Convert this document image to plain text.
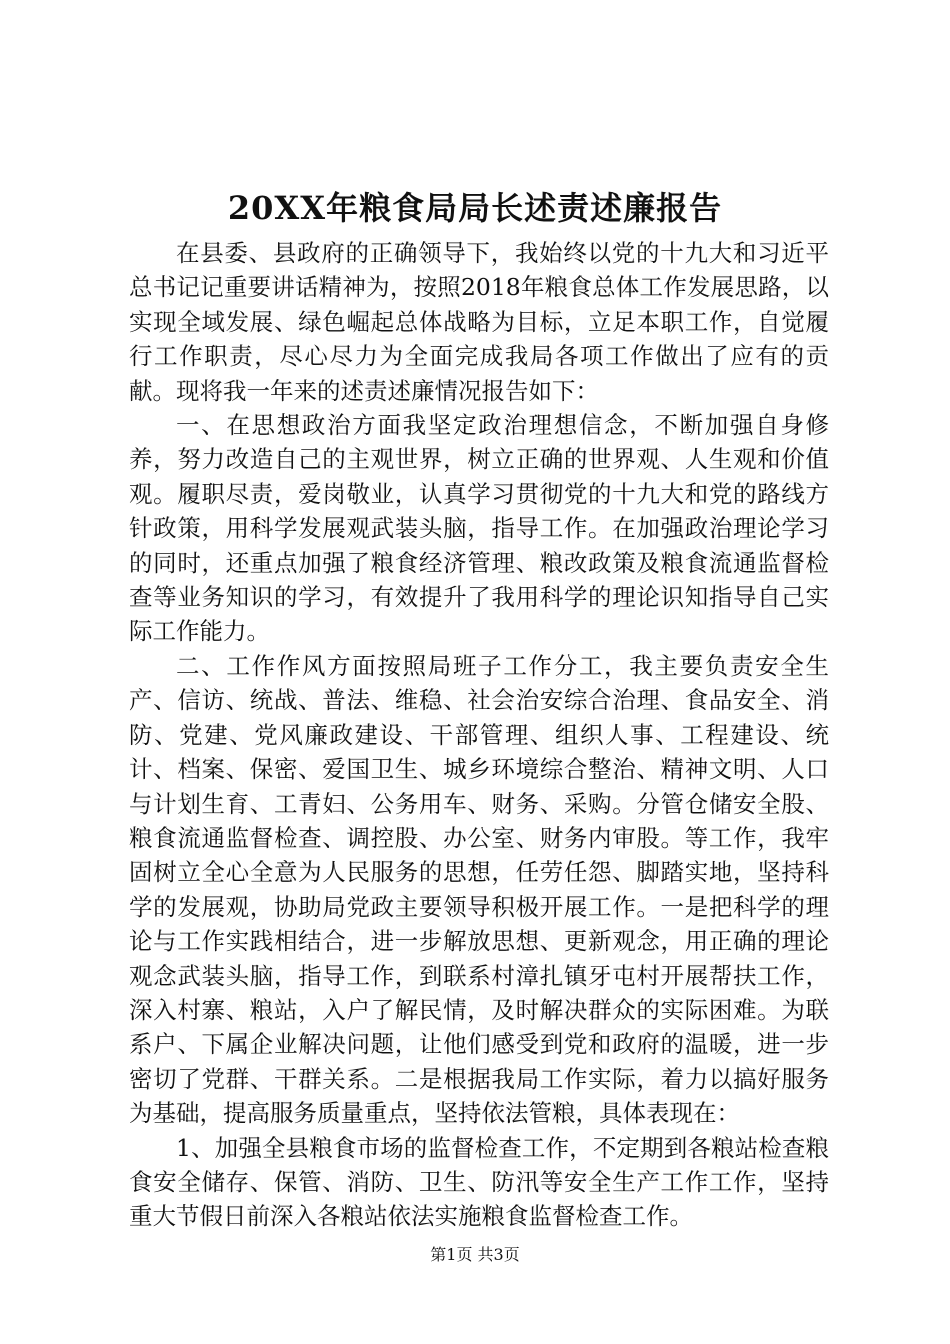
20XX年粮食局局长述责述廉报告

在县委、县政府的正确领导下，我始终以党的十九大和习近平总书记记重要讲话精神为，按照2018年粮食总体工作发展思路，以实现全域发展、绿色崛起总体战略为目标，立足本职工作，自觉履行工作职责，尽心尽力为全面完成我局各项工作做出了应有的贡献。现将我一年来的述责述廉情况报告如下：

一、在思想政治方面我坚定政治理想信念，不断加强自身修养，努力改造自己的主观世界，树立正确的世界观、人生观和价值观。履职尽责，爱岗敬业，认真学习贯彻党的十九大和党的路线方针政策，用科学发展观武装头脑，指导工作。在加强政治理论学习的同时，还重点加强了粮食经济管理、粮改政策及粮食流通监督检查等业务知识的学习，有效提升了我用科学的理论识知指导自己实际工作能力。

二、工作作风方面按照局班子工作分工，我主要负责安全生产、信访、统战、普法、维稳、社会治安综合治理、食品安全、消防、党建、党风廉政建设、干部管理、组织人事、工程建设、统计、档案、保密、爱国卫生、城乡环境综合整治、精神文明、人口与计划生育、工青妇、公务用车、财务、采购。分管仓储安全股、粮食流通监督检查、调控股、办公室、财务内审股。等工作，我牢固树立全心全意为人民服务的思想，任劳任怨、脚踏实地，坚持科学的发展观，协助局党政主要领导积极开展工作。一是把科学的理论与工作实践相结合，进一步解放思想、更新观念，用正确的理论观念武装头脑，指导工作，到联系村漳扎镇牙屯村开展帮扶工作，深入村寨、粮站，入户了解民情，及时解决群众的实际困难。为联系户、下属企业解决问题，让他们感受到党和政府的温暖，进一步密切了党群、干群关系。二是根据我局工作实际，着力以搞好服务为基础，提高服务质量重点，坚持依法管粮，具体表现在：

1、加强全县粮食市场的监督检查工作，不定期到各粮站检查粮食安全储存、保管、消防、卫生、防汛等安全生产工作工作，坚持重大节假日前深入各粮站依法实施粮食监督检查工作。

第1页 共3页
